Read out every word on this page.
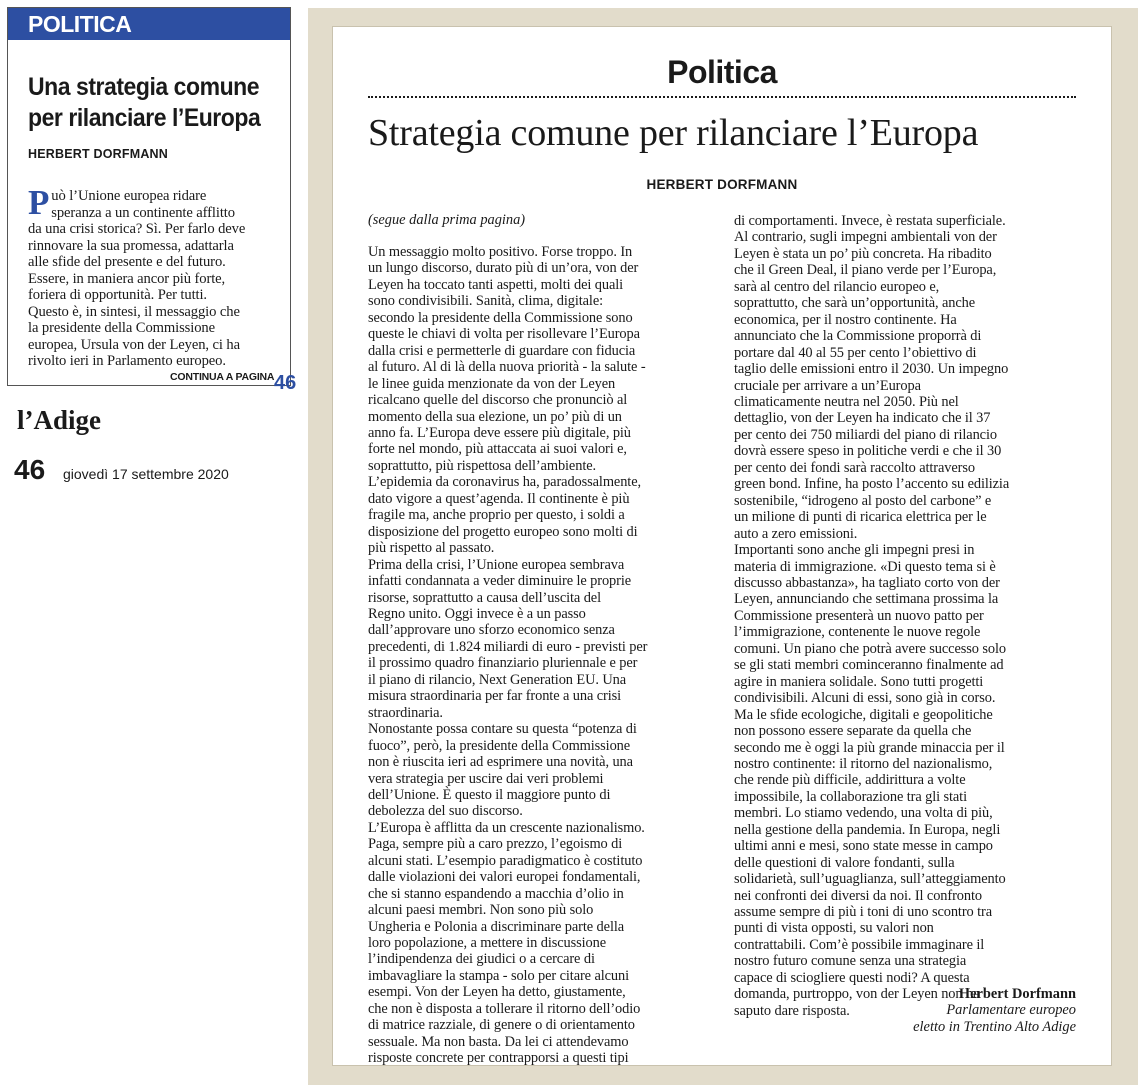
POLITICA
Una strategia comune per rilanciare l’Europa
HERBERT DORFMANN
Può l’Unione europea ridare
speranza a un continente afflitto
da una crisi storica? Sì. Per farlo deve
rinnovare la sua promessa, adattarla
alle sfide del presente e del futuro.
Essere, in maniera ancor più forte,
foriera di opportunità. Per tutti.
Questo è, in sintesi, il messaggio che
la presidente della Commissione
europea, Ursula von der Leyen, ci ha
rivolto ieri in Parlamento europeo.
CONTINUA A PAGINA 46
l’Adige
46 giovedì 17 settembre 2020
Politica
Strategia comune per rilanciare l’Europa
HERBERT DORFMANN
(segue dalla prima pagina)
Un messaggio molto positivo. Forse troppo. In
un lungo discorso, durato più di un’ora, von der
Leyen ha toccato tanti aspetti, molti dei quali
sono condivisibili. Sanità, clima, digitale:
secondo la presidente della Commissione sono
queste le chiavi di volta per risollevare l’Europa
dalla crisi e permetterle di guardare con fiducia
al futuro. Al di là della nuova priorità - la salute -
le linee guida menzionate da von der Leyen
ricalcano quelle del discorso che pronunciò al
momento della sua elezione, un po’ più di un
anno fa. L’Europa deve essere più digitale, più
forte nel mondo, più attaccata ai suoi valori e,
soprattutto, più rispettosa dell’ambiente.
L’epidemia da coronavirus ha, paradossalmente,
dato vigore a quest’agenda. Il continente è più
fragile ma, anche proprio per questo, i soldi a
disposizione del progetto europeo sono molti di
più rispetto al passato.
Prima della crisi, l’Unione europea sembrava
infatti condannata a veder diminuire le proprie
risorse, soprattutto a causa dell’uscita del
Regno unito. Oggi invece è a un passo
dall’approvare uno sforzo economico senza
precedenti, di 1.824 miliardi di euro - previsti per
il prossimo quadro finanziario pluriennale e per
il piano di rilancio, Next Generation EU. Una
misura straordinaria per far fronte a una crisi
straordinaria.
Nonostante possa contare su questa “potenza di
fuoco”, però, la presidente della Commissione
non è riuscita ieri ad esprimere una novità, una
vera strategia per uscire dai veri problemi
dell’Unione. È questo il maggiore punto di
debolezza del suo discorso.
L’Europa è afflitta da un crescente nazionalismo.
Paga, sempre più a caro prezzo, l’egoismo di
alcuni stati. L’esempio paradigmatico è costituto
dalle violazioni dei valori europei fondamentali,
che si stanno espandendo a macchia d’olio in
alcuni paesi membri. Non sono più solo
Ungheria e Polonia a discriminare parte della
loro popolazione, a mettere in discussione
l’indipendenza dei giudici o a cercare di
imbavagliare la stampa - solo per citare alcuni
esempi. Von der Leyen ha detto, giustamente,
che non è disposta a tollerare il ritorno dell’odio
di matrice razziale, di genere o di orientamento
sessuale. Ma non basta. Da lei ci attendevamo
risposte concrete per contrapporsi a questi tipi
di comportamenti. Invece, è restata superficiale.
Al contrario, sugli impegni ambientali von der
Leyen è stata un po’ più concreta. Ha ribadito
che il Green Deal, il piano verde per l’Europa,
sarà al centro del rilancio europeo e,
soprattutto, che sarà un’opportunità, anche
economica, per il nostro continente. Ha
annunciato che la Commissione proporrà di
portare dal 40 al 55 per cento l’obiettivo di
taglio delle emissioni entro il 2030. Un impegno
cruciale per arrivare a un’Europa
climaticamente neutra nel 2050. Più nel
dettaglio, von der Leyen ha indicato che il 37
per cento dei 750 miliardi del piano di rilancio
dovrà essere speso in politiche verdi e che il 30
per cento dei fondi sarà raccolto attraverso
green bond. Infine, ha posto l’accento su edilizia
sostenibile, “idrogeno al posto del carbone” e
un milione di punti di ricarica elettrica per le
auto a zero emissioni.
Importanti sono anche gli impegni presi in
materia di immigrazione. «Di questo tema si è
discusso abbastanza», ha tagliato corto von der
Leyen, annunciando che settimana prossima la
Commissione presenterà un nuovo patto per
l’immigrazione, contenente le nuove regole
comuni. Un piano che potrà avere successo solo
se gli stati membri cominceranno finalmente ad
agire in maniera solidale. Sono tutti progetti
condivisibili. Alcuni di essi, sono già in corso.
Ma le sfide ecologiche, digitali e geopolitiche
non possono essere separate da quella che
secondo me è oggi la più grande minaccia per il
nostro continente: il ritorno del nazionalismo,
che rende più difficile, addirittura a volte
impossibile, la collaborazione tra gli stati
membri. Lo stiamo vedendo, una volta di più,
nella gestione della pandemia. In Europa, negli
ultimi anni e mesi, sono state messe in campo
delle questioni di valore fondanti, sulla
solidarietà, sull’uguaglianza, sull’atteggiamento
nei confronti dei diversi da noi. Il confronto
assume sempre di più i toni di uno scontro tra
punti di vista opposti, su valori non
contrattabili. Com’è possibile immaginare il
nostro futuro comune senza una strategia
capace di sciogliere questi nodi? A questa
domanda, purtroppo, von der Leyen non ha
saputo dare risposta.
Herbert Dorfmann
Parlamentare europeo
eletto in Trentino Alto Adige
